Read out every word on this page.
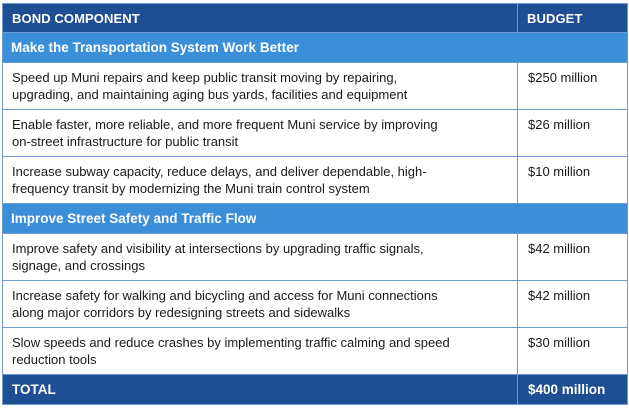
BOND COMPONENT	BUDGET
Make the Transportation System Work Better
Speed up Muni repairs and keep public transit moving by repairing,
upgrading, and maintaining aging bus yards, facilities and equipment
$250 million
Enable faster, more reliable, and more frequent Muni service by improving
on-street infrastructure for public transit
$26 million
Increase subway capacity, reduce delays, and deliver dependable, high-
frequency transit by modernizing the Muni train control system
$10 million
Improve Street Safety and Traffic Flow
Improve safety and visibility at intersections by upgrading traffic signals,
signage, and crossings
$42 million
Increase safety for walking and bicycling and access for Muni connections
along major corridors by redesigning streets and sidewalks
$42 million
Slow speeds and reduce crashes by implementing traffic calming and speed
reduction tools
$30 million
TOTAL	$400 million
